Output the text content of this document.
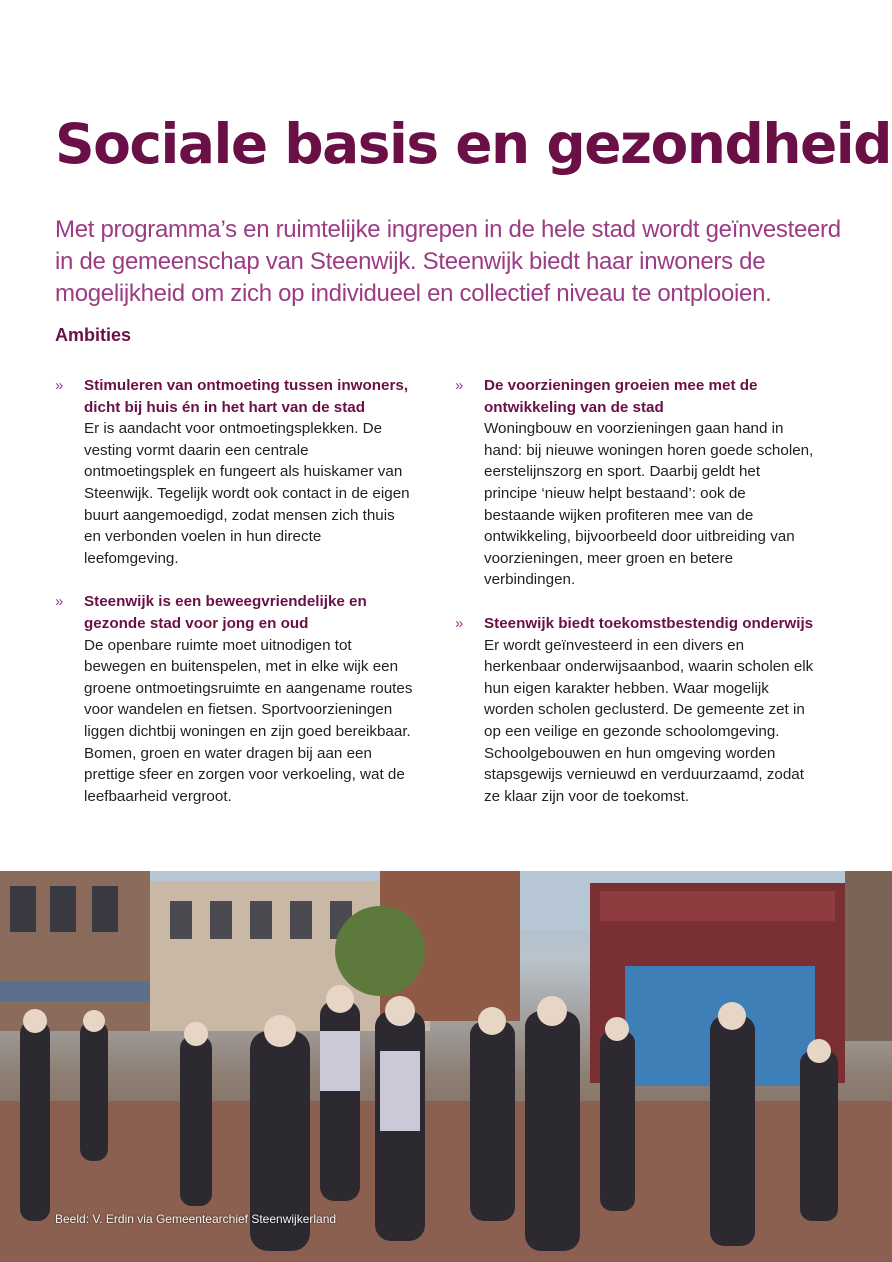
Sociale basis en gezondheid

Met programma’s en ruimtelijke ingrepen in de hele stad wordt geïnvesteerd in de gemeenschap van Steenwijk. Steenwijk biedt haar inwoners de mogelijkheid om zich op individueel en collectief niveau te ontplooien.

Ambities
» Stimuleren van ontmoeting tussen inwoners, dicht bij huis én in het hart van de stad
Er is aandacht voor ontmoetingsplekken. De vesting vormt daarin een centrale ontmoetingsplek en fungeert als huiskamer van Steenwijk. Tegelijk wordt ook contact in de eigen buurt aangemoedigd, zodat mensen zich thuis en verbonden voelen in hun directe leefomgeving.
» Steenwijk is een beweegvriendelijke en gezonde stad voor jong en oud
De openbare ruimte moet uitnodigen tot bewegen en buitenspelen, met in elke wijk een groene ontmoetingsruimte en aangename routes voor wandelen en fietsen. Sportvoorzieningen liggen dichtbij woningen en zijn goed bereikbaar. Bomen, groen en water dragen bij aan een prettige sfeer en zorgen voor verkoeling, wat de leefbaarheid vergroot.
» De voorzieningen groeien mee met de ontwikkeling van de stad
Woningbouw en voorzieningen gaan hand in hand: bij nieuwe woningen horen goede scholen, eerstelijnszorg en sport. Daarbij geldt het principe ‘nieuw helpt bestaand’: ook de bestaande wijken profiteren mee van de ontwikkeling, bijvoorbeeld door uitbreiding van voorzieningen, meer groen en betere verbindingen.
» Steenwijk biedt toekomstbestendig onderwijs
Er wordt geïnvesteerd in een divers en herkenbaar onderwijsaanbod, waarin scholen elk hun eigen karakter hebben. Waar mogelijk worden scholen geclusterd. De gemeente zet in op een veilige en gezonde schoolomgeving. Schoolgebouwen en hun omgeving worden stapsgewijs vernieuwd en verduurzaamd, zodat ze klaar zijn voor de toekomst.

Beeld: V. Erdin via Gemeentearchief Steenwijkerland
